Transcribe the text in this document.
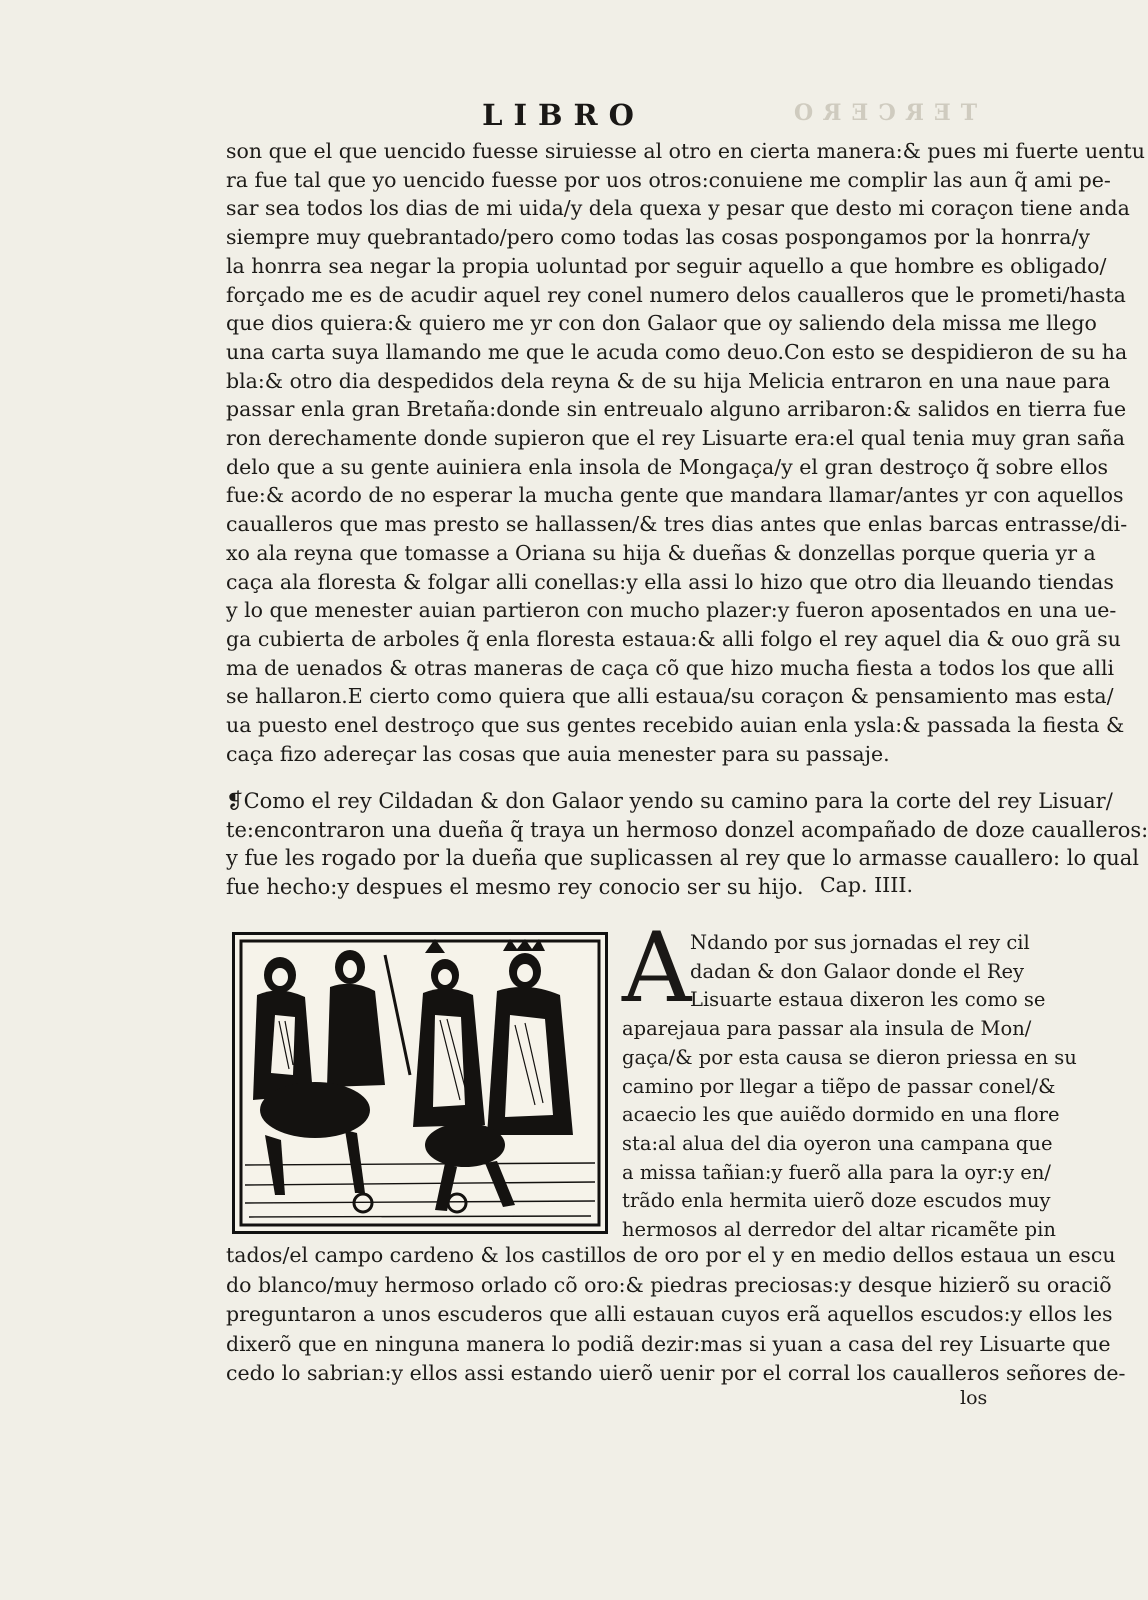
TERCERO
LIBRO
son que el que uencido fuesse siruiesse al otro en cierta manera:& pues mi fuerte uentu
ra fue tal que yo uencido fuesse por uos otros:conuiene me complir las aun q̃ ami pe-
sar sea todos los dias de mi uida/y dela quexa y pesar que desto mi coraçon tiene anda
siempre muy quebrantado/pero como todas las cosas pospongamos por la honrra/y
la honrra sea negar la propia uoluntad por seguir aquello a que hombre es obligado/
forçado me es de acudir aquel rey conel numero delos caualleros que le prometi/hasta
que dios quiera:& quiero me yr con don Galaor que oy saliendo dela missa me llego
una carta suya llamando me que le acuda como deuo.Con esto se despidieron de su ha
bla:& otro dia despedidos dela reyna & de su hija Melicia entraron en una naue para
passar enla gran Bretaña:donde sin entreualo alguno arribaron:& salidos en tierra fue
ron derechamente donde supieron que el rey Lisuarte era:el qual tenia muy gran saña
delo que a su gente auiniera enla insola de Mongaça/y el gran destroço q̃ sobre ellos
fue:& acordo de no esperar la mucha gente que mandara llamar/antes yr con aquellos
caualleros que mas presto se hallassen/& tres dias antes que enlas barcas entrasse/di-
xo ala reyna que tomasse a Oriana su hija & dueñas & donzellas porque queria yr a
caça ala floresta & folgar alli conellas:y ella assi lo hizo que otro dia lleuando tiendas
y lo que menester auian partieron con mucho plazer:y fueron aposentados en una ue-
ga cubierta de arboles q̃ enla floresta estaua:& alli folgo el rey aquel dia & ouo grã su
ma de uenados & otras maneras de caça cõ que hizo mucha fiesta a todos los que alli
se hallaron.E cierto como quiera que alli estaua/su coraçon & pensamiento mas esta/
ua puesto enel destroço que sus gentes recebido auian enla ysla:& passada la fiesta &
caça fizo adereçar las cosas que auia menester para su passaje.
❡Como el rey Cildadan & don Galaor yendo su camino para la corte del rey Lisuar/
te:encontraron una dueña q̃ traya un hermoso donzel acompañado de doze caualleros:
y fue les rogado por la dueña que suplicassen al rey que lo armasse cauallero: lo qual
fue hecho:y despues el mesmo rey conocio ser su hijo. Cap. IIII.
A
Ndando por sus jornadas el rey cil
dadan & don Galaor donde el Rey
Lisuarte estaua dixeron les como se
aparejaua para passar ala insula de Mon/
gaça/& por esta causa se dieron priessa en su
camino por llegar a tiẽpo de passar conel/&
acaecio les que auiẽdo dormido en una flore
sta:al alua del dia oyeron una campana que
a missa tañian:y fuerõ alla para la oyr:y en/
trãdo enla hermita uierõ doze escudos muy
hermosos al derredor del altar ricamẽte pin
tados/el campo cardeno & los castillos de oro por el y en medio dellos estaua un escu
do blanco/muy hermoso orlado cõ oro:& piedras preciosas:y desque hizierõ su oraciõ
preguntaron a unos escuderos que alli estauan cuyos erã aquellos escudos:y ellos les
dixerõ que en ninguna manera lo podiã dezir:mas si yuan a casa del rey Lisuarte que
cedo lo sabrian:y ellos assi estando uierõ uenir por el corral los caualleros señores de-
los
